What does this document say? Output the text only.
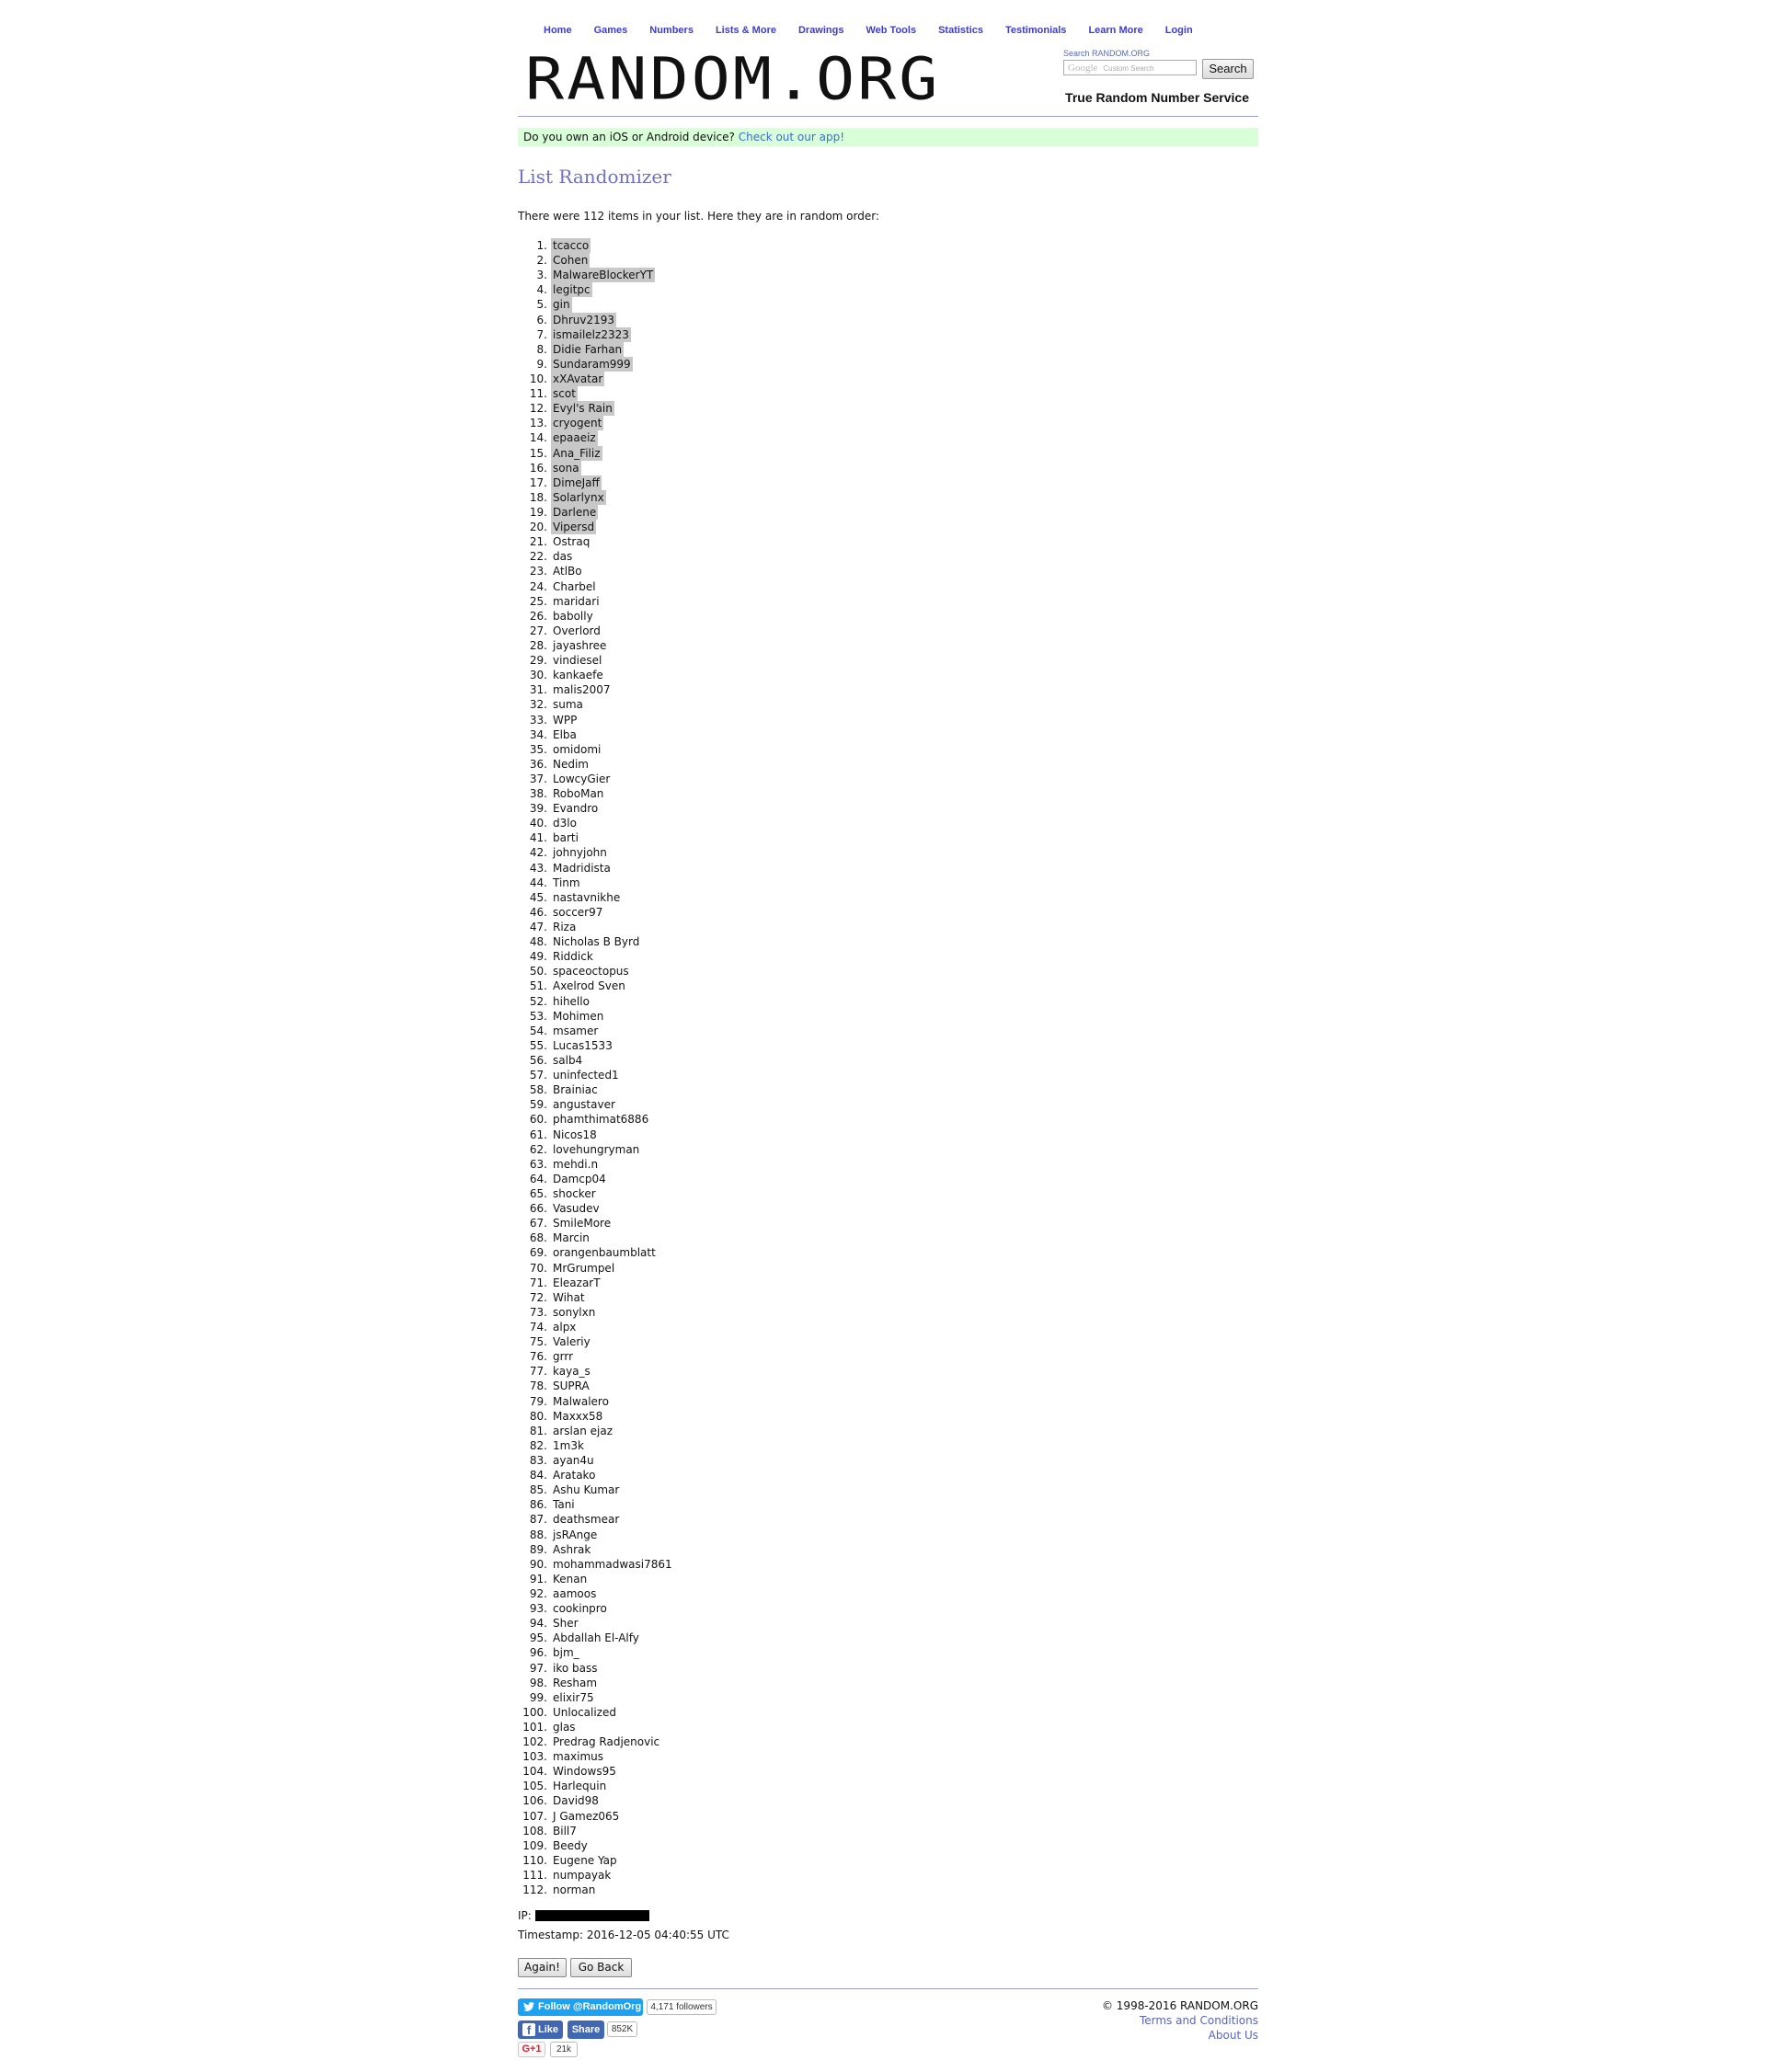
Home Games Numbers Lists & More Drawings Web Tools Statistics Testimonials Learn More Login
RANDOM.ORG	Search RANDOM.ORG
Google Custom Search	Search
True Random Number Service
Do you own an iOS or Android device? Check out our app!
List Randomizer
There were 112 items in your list. Here they are in random order:
1. tcacco
2. Cohen
3. MalwareBlockerYT
4. legitpc
5. gin
6. Dhruv2193
7. ismailelz2323
8. Didie Farhan
9. Sundaram999
10. xXAvatar
11. scot
12. Evyl's Rain
13. cryogent
14. epaaeiz
15. Ana_Filiz
16. sona
17. DimeJaff
18. Solarlynx
19. Darlene
20. Vipersd
21. Ostraq
22. das
23. AtlBo
24. Charbel
25. maridari
26. babolly
27. Overlord
28. jayashree
29. vindiesel
30. kankaefe
31. malis2007
32. suma
33. WPP
34. Elba
35. omidomi
36. Nedim
37. LowcyGier
38. RoboMan
39. Evandro
40. d3lo
41. barti
42. johnyjohn
43. Madridista
44. Tinm
45. nastavnikhe
46. soccer97
47. Riza
48. Nicholas B Byrd
49. Riddick
50. spaceoctopus
51. Axelrod Sven
52. hihello
53. Mohimen
54. msamer
55. Lucas1533
56. salb4
57. uninfected1
58. Brainiac
59. angustaver
60. phamthimat6886
61. Nicos18
62. lovehungryman
63. mehdi.n
64. Damcp04
65. shocker
66. Vasudev
67. SmileMore
68. Marcin
69. orangenbaumblatt
70. MrGrumpel
71. EleazarT
72. Wihat
73. sonylxn
74. alpx
75. Valeriy
76. grrr
77. kaya_s
78. SUPRA
79. Malwalero
80. Maxxx58
81. arslan ejaz
82. 1m3k
83. ayan4u
84. Aratako
85. Ashu Kumar
86. Tani
87. deathsmear
88. jsRAnge
89. Ashrak
90. mohammadwasi7861
91. Kenan
92. aamoos
93. cookinpro
94. Sher
95. Abdallah El-Alfy
96. bjm_
97. iko bass
98. Resham
99. elixir75
100. Unlocalized
101. glas
102. Predrag Radjenovic
103. maximus
104. Windows95
105. Harlequin
106. David98
107. J Gamez065
108. Bill7
109. Beedy
110. Eugene Yap
111. numpayak
112. norman
IP:
Timestamp: 2016-12-05 04:40:55 UTC
Again!	Go Back
Follow @RandomOrg	4,171 followers
f Like	Share	852K
G+1	21k
© 1998-2016 RANDOM.ORG
Terms and Conditions
About Us
